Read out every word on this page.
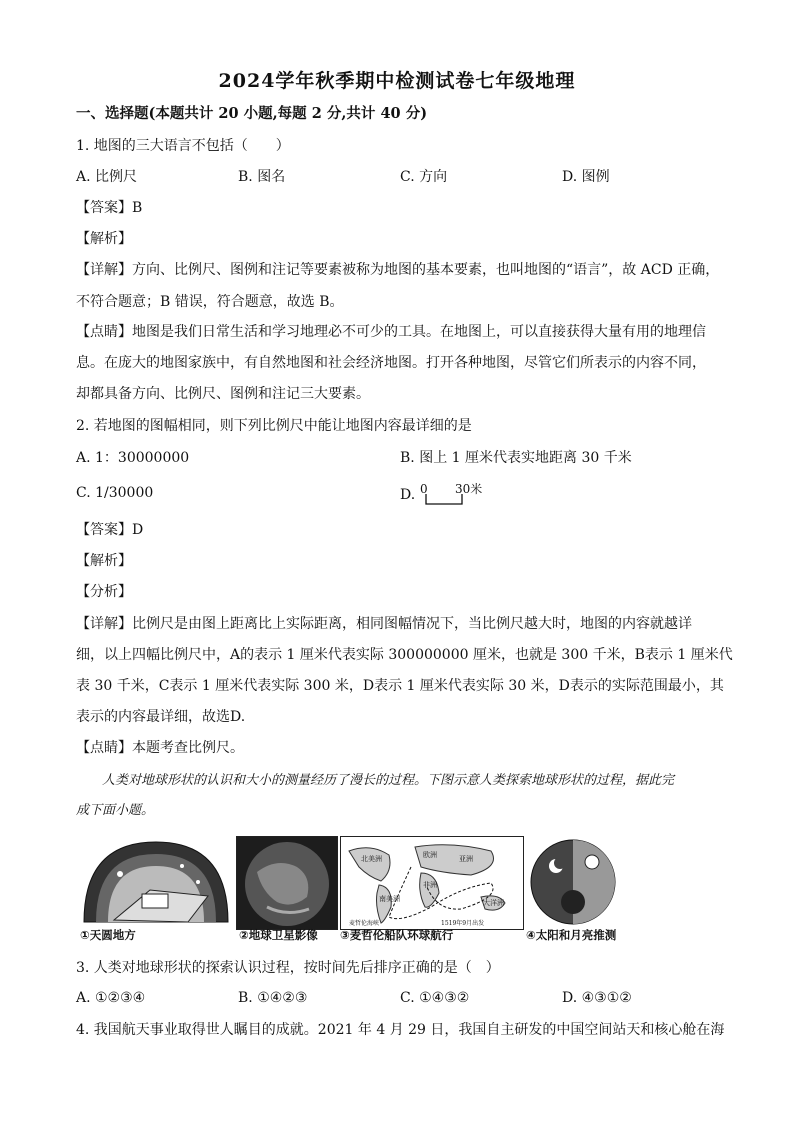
2024学年秋季期中检测试卷七年级地理
一、选择题(本题共计 20 小题,每题 2 分,共计 40 分)
1. 地图的三大语言不包括（　　）
A. 比例尺	B. 图名	C. 方向	D. 图例
【答案】B
【解析】
【详解】方向、比例尺、图例和注记等要素被称为地图的基本要素，也叫地图的“语言”，故 ACD 正确，
不符合题意；B 错误，符合题意，故选 B。
【点睛】地图是我们日常生活和学习地理必不可少的工具。在地图上，可以直接获得大量有用的地理信
息。在庞大的地图家族中，有自然地图和社会经济地图。打开各种地图，尽管它们所表示的内容不同，
却都具备方向、比例尺、图例和注记三大要素。
2. 若地图的图幅相同，则下列比例尺中能让地图内容最详细的是
A. 1：30000000	B. 图上 1 厘米代表实地距离 30 千米
C. 1/30000	D. 0 30米
【答案】D
【解析】
【分析】
【详解】比例尺是由图上距离比上实际距离，相同图幅情况下，当比例尺越大时，地图的内容就越详
细，以上四幅比例尺中，A的表示 1 厘米代表实际 300000000 厘米，也就是 300 千米，B表示 1 厘米代
表 30 千米，C表示 1 厘米代表实际 300 米，D表示 1 厘米代表实际 30 米，D表示的实际范围最小，其
表示的内容最详细，故选D.
【点睛】本题考查比例尺。
人类对地球形状的认识和大小的测量经历了漫长的过程。下图示意人类探索地球形状的过程，据此完
成下面小题。
北美洲	欧洲	亚洲
非洲
南美洲	大洋洲
麦哲伦海峡	1519年9月出发
①天圆地方	②地球卫星影像 ③麦哲伦船队环球航行	④太阳和月亮推测
3. 人类对地球形状的探索认识过程，按时间先后排序正确的是（　）
A. ①②③④	B. ①④②③	C. ①④③②	D. ④③①②
4. 我国航天事业取得世人瞩目的成就。2021 年 4 月 29 日，我国自主研发的中国空间站天和核心舱在海
